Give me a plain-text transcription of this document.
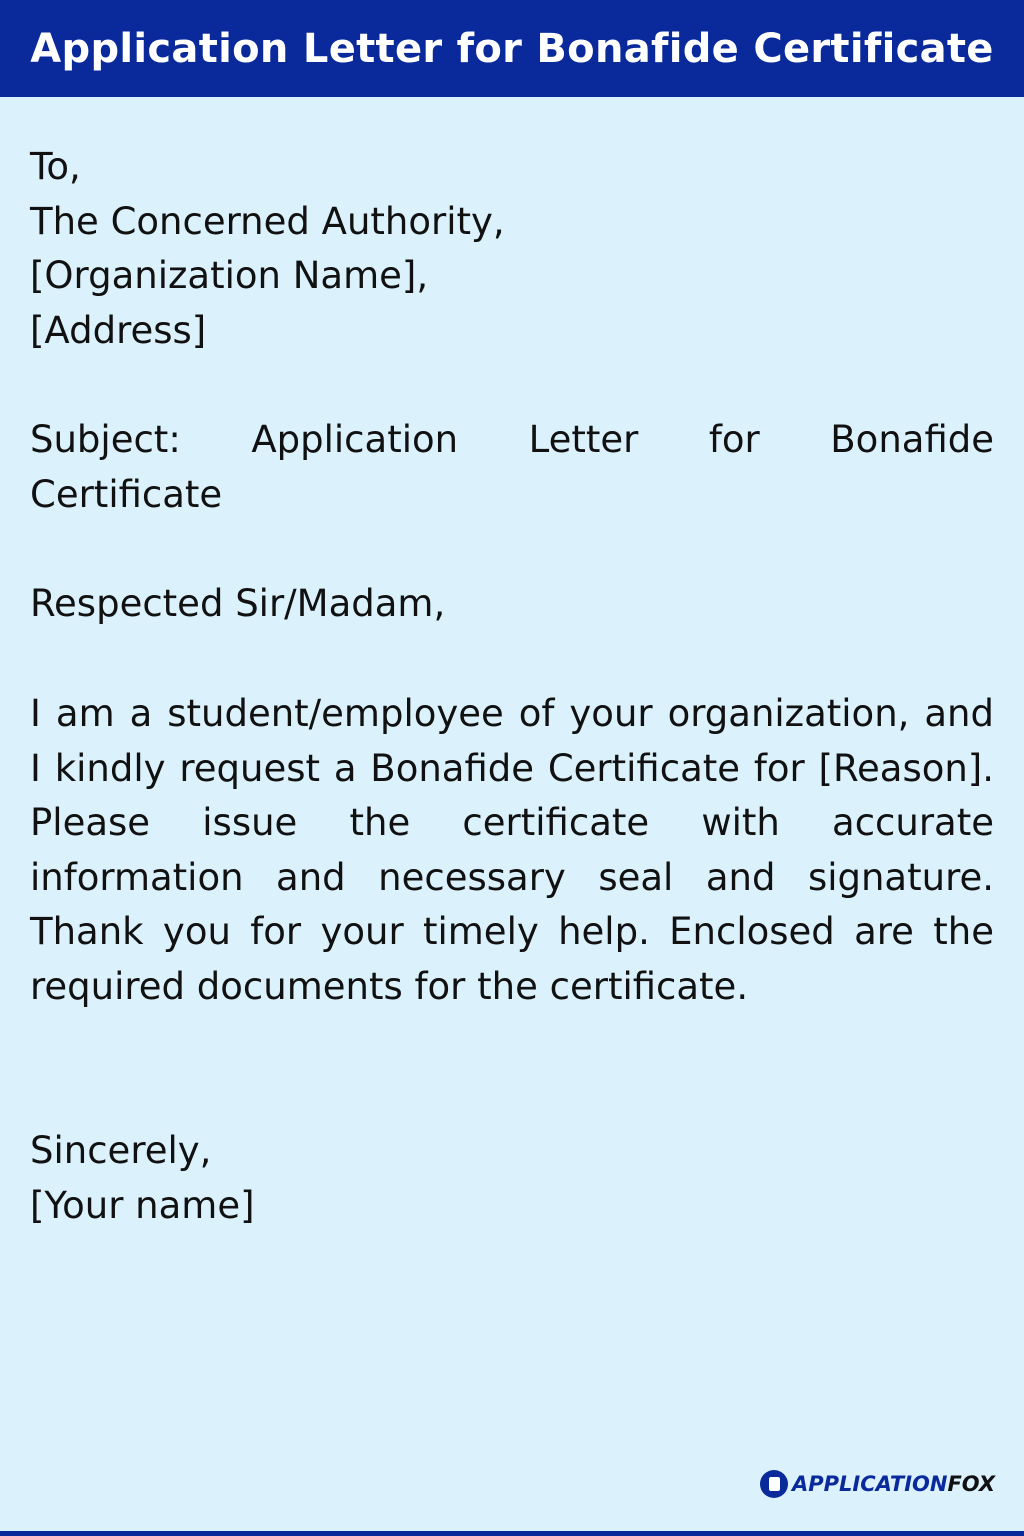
Application Letter for Bonafide Certificate
To,
The Concerned Authority,
[Organization Name],
[Address]
Subject: Application Letter for Bonafide Certificate
Respected Sir/Madam,
I am a student/employee of your organization, and I kindly request a Bonafide Certificate for [Reason]. Please issue the certificate with accurate information and necessary seal and signature. Thank you for your timely help. Enclosed are the required documents for the certificate.
Sincerely,
[Your name]
APPLICATIONFOX
